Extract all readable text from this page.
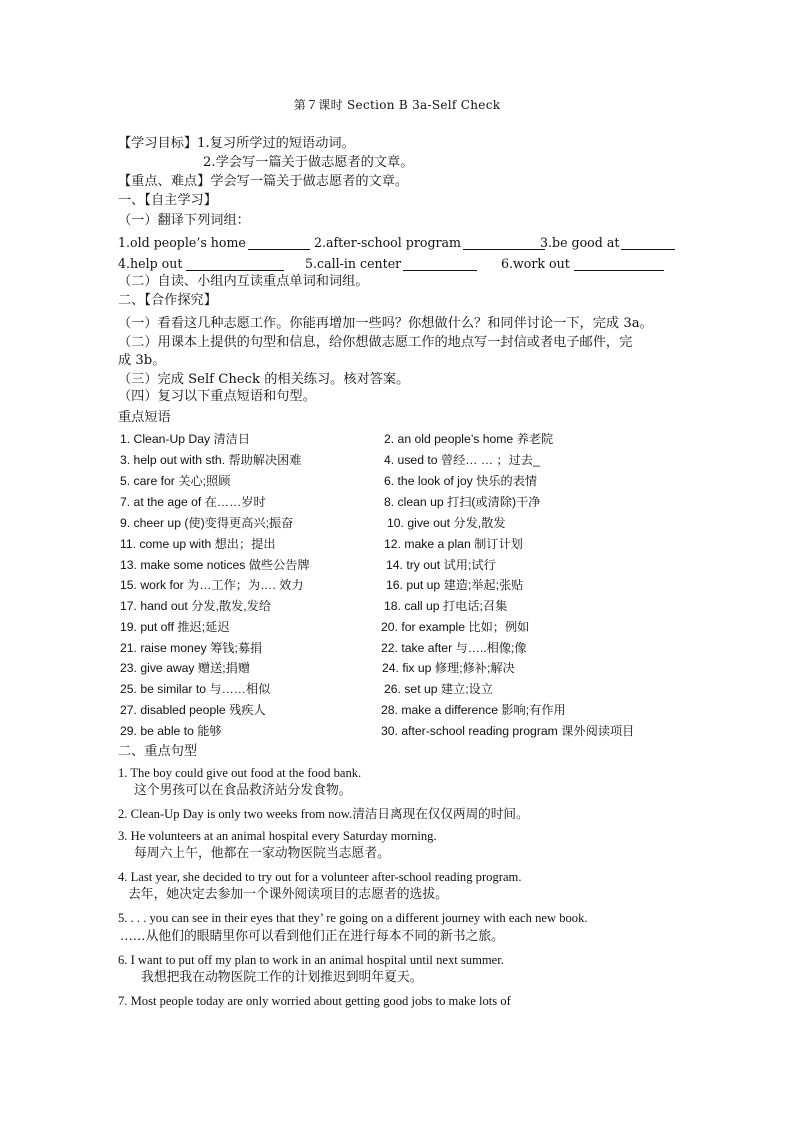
第７课时 Section B 3a-Self Check
【学习目标】1.复习所学过的短语动词。
2.学会写一篇关于做志愿者的文章。
【重点、难点】学会写一篇关于做志愿者的文章。
一、【自主学习】
（一）翻译下列词组：
1.old people’s home	2.after-school program	3.be good at
4.help out	5.call-in center	6.work out
（二）自读、小组内互读重点单词和词组。
二、【合作探究】
（一）看看这几种志愿工作。你能再增加一些吗？你想做什么？和同伴讨论一下，完成 3a。
（二）用课本上提供的句型和信息，给你想做志愿工作的地点写一封信或者电子邮件，完
成 3b。
（三）完成 Self Check 的相关练习。核对答案。
（四）复习以下重点短语和句型。
重点短语
1. Clean-Up Day 清洁日	2. an old people’s home 养老院
3. help out with sth. 帮助解决困难	4. used to 曾经… … ；过去_
5. care for 关心;照顾	6. the look of joy 快乐的表情
7. at the age of 在……岁时	8. clean up 打扫(或清除)干净
9. cheer up (使)变得更高兴;振奋	10. give out 分发,散发
11. come up with 想出；提出	12. make a plan 制订计划
13. make some notices 做些公告牌	14. try out 试用;试行
15. work for 为…工作；为…. 效力	16. put up 建造;举起;张贴
17. hand out 分发,散发,发给	18. call up 打电话;召集
19. put off 推迟;延迟	20. for example 比如；例如
21. raise money 筹钱;募捐	22. take after 与…..相像;像
23. give away 赠送;捐赠	24. fix up 修理;修补;解决
25. be similar to 与……相似	26. set up 建立;设立
27. disabled people 残疾人	28. make a difference 影响;有作用
29. be able to 能够	30. after-school reading program 课外阅读项目
二、重点句型
1. The boy could give out food at the food bank.
这个男孩可以在食品救济站分发食物。
2. Clean-Up Day is only two weeks from now.清洁日离现在仅仅两周的时间。
3. He volunteers at an animal hospital every Saturday morning.
每周六上午，他都在一家动物医院当志愿者。
4. Last year, she decided to try out for a volunteer after-school reading program.
去年，她决定去参加一个课外阅读项目的志愿者的选拔。
5. . . . you can see in their eyes that they’ re going on a different journey with each new book.
……从他们的眼睛里你可以看到他们正在进行每本不同的新书之旅。
6. I want to put off my plan to work in an animal hospital until next summer.
我想把我在动物医院工作的计划推迟到明年夏天。
7. Most people today are only worried about getting good jobs to make lots of
